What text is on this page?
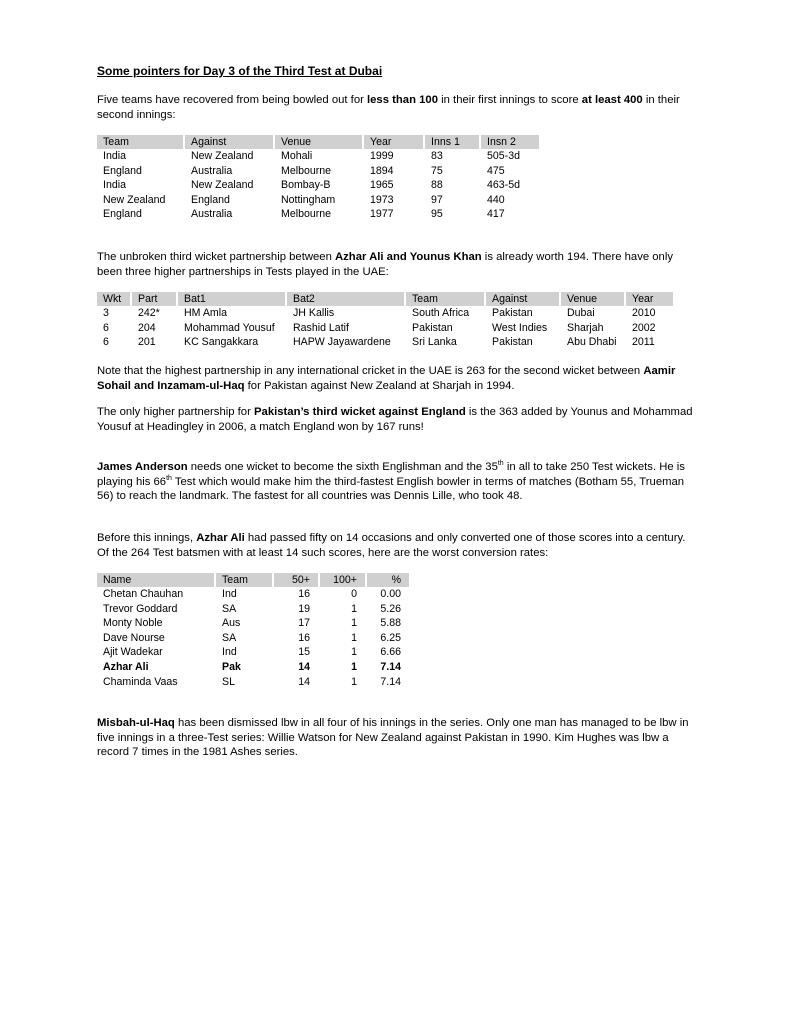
Some pointers for Day 3 of the Third Test at Dubai

Five teams have recovered from being bowled out for less than 100 in their first innings to score at least 400 in their second innings:

Team	Against	Venue	Year	Inns 1	Insn 2
India	New Zealand	Mohali	1999	83	505-3d
England	Australia	Melbourne	1894	75	475
India	New Zealand	Bombay-B	1965	88	463-5d
New Zealand	England	Nottingham	1973	97	440
England	Australia	Melbourne	1977	95	417

The unbroken third wicket partnership between Azhar Ali and Younus Khan is already worth 194. There have only been three higher partnerships in Tests played in the UAE:

Wkt	Part	Bat1	Bat2	Team	Against	Venue	Year
3	242*	HM Amla	JH Kallis	South Africa	Pakistan	Dubai	2010
6	204	Mohammad Yousuf	Rashid Latif	Pakistan	West Indies	Sharjah	2002
6	201	KC Sangakkara	HAPW Jayawardene	Sri Lanka	Pakistan	Abu Dhabi	2011

Note that the highest partnership in any international cricket in the UAE is 263 for the second wicket between Aamir Sohail and Inzamam-ul-Haq for Pakistan against New Zealand at Sharjah in 1994.

The only higher partnership for Pakistan’s third wicket against England is the 363 added by Younus and Mohammad Yousuf at Headingley in 2006, a match England won by 167 runs!

James Anderson needs one wicket to become the sixth Englishman and the 35th in all to take 250 Test wickets. He is playing his 66th Test which would make him the third-fastest English bowler in terms of matches (Botham 55, Trueman 56) to reach the landmark. The fastest for all countries was Dennis Lille, who took 48.

Before this innings, Azhar Ali had passed fifty on 14 occasions and only converted one of those scores into a century. Of the 264 Test batsmen with at least 14 such scores, here are the worst conversion rates:

Name	Team	50+	100+	%
Chetan Chauhan	Ind	16	0	0.00
Trevor Goddard	SA	19	1	5.26
Monty Noble	Aus	17	1	5.88
Dave Nourse	SA	16	1	6.25
Ajit Wadekar	Ind	15	1	6.66
Azhar Ali	Pak	14	1	7.14
Chaminda Vaas	SL	14	1	7.14

Misbah-ul-Haq has been dismissed lbw in all four of his innings in the series. Only one man has managed to be lbw in five innings in a three-Test series: Willie Watson for New Zealand against Pakistan in 1990. Kim Hughes was lbw a record 7 times in the 1981 Ashes series.
